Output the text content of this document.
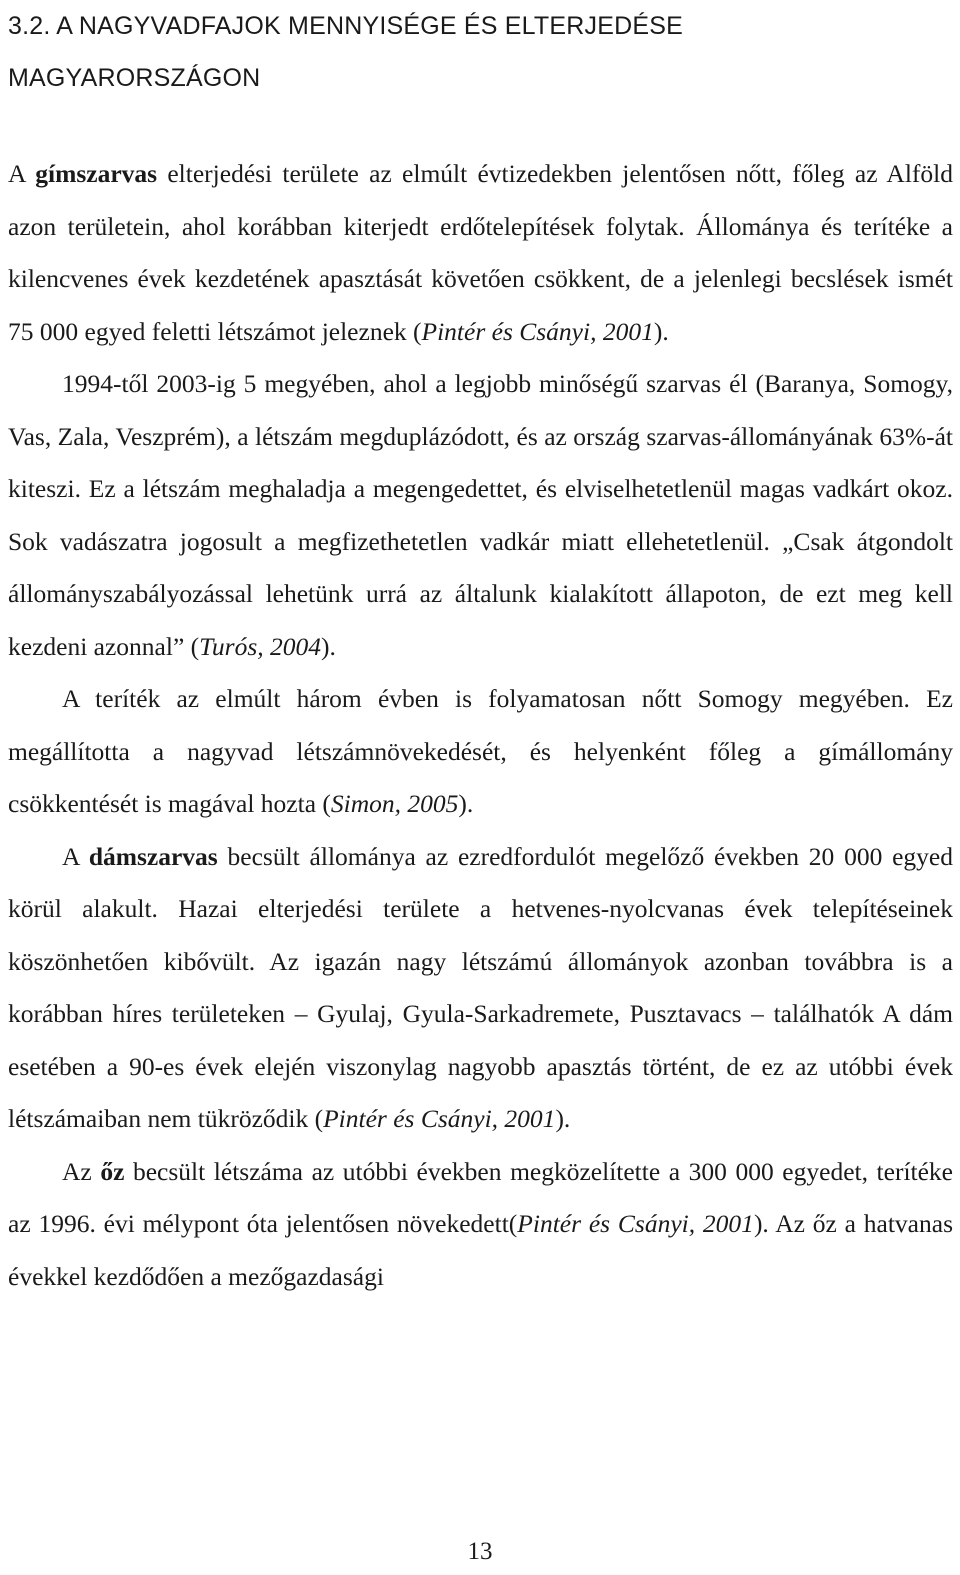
3.2. A NAGYVADFAJOK MENNYISÉGE ÉS ELTERJEDÉSE
MAGYARORSZÁGON

A gímszarvas elterjedési területe az elmúlt évtizedekben jelentősen nőtt, főleg az Alföld azon területein, ahol korábban kiterjedt erdőtelepítések folytak. Állománya és terítéke a kilencvenes évek kezdetének apasztását követően csökkent, de a jelenlegi becslések ismét 75 000 egyed feletti létszámot jeleznek (Pintér és Csányi, 2001).

1994-től 2003-ig 5 megyében, ahol a legjobb minőségű szarvas él (Baranya, Somogy, Vas, Zala, Veszprém), a létszám megduplázódott, és az ország szarvas-állományának 63%-át kiteszi. Ez a létszám meghaladja a megengedettet, és elviselhetetlenül magas vadkárt okoz. Sok vadászatra jogosult a megfizethetetlen vadkár miatt ellehetetlenül. „Csak átgondolt állományszabályozással lehetünk urrá az általunk kialakított állapoton, de ezt meg kell kezdeni azonnal” (Turós, 2004).

A teríték az elmúlt három évben is folyamatosan nőtt Somogy megyében. Ez megállította a nagyvad létszámnövekedését, és helyenként főleg a gímállomány csökkentését is magával hozta (Simon, 2005).

A dámszarvas becsült állománya az ezredfordulót megelőző években 20 000 egyed körül alakult. Hazai elterjedési területe a hetvenes-nyolcvanas évek telepítéseinek köszönhetően kibővült. Az igazán nagy létszámú állományok azonban továbbra is a korábban híres területeken – Gyulaj, Gyula-Sarkadremete, Pusztavacs – találhatók A dám esetében a 90-es évek elején viszonylag nagyobb apasztás történt, de ez az utóbbi évek létszámaiban nem tükröződik (Pintér és Csányi, 2001).

Az őz becsült létszáma az utóbbi években megközelítette a 300 000 egyedet, terítéke az 1996. évi mélypont óta jelentősen növekedett(Pintér és Csányi, 2001). Az őz a hatvanas évekkel kezdődően a mezőgazdasági

13
